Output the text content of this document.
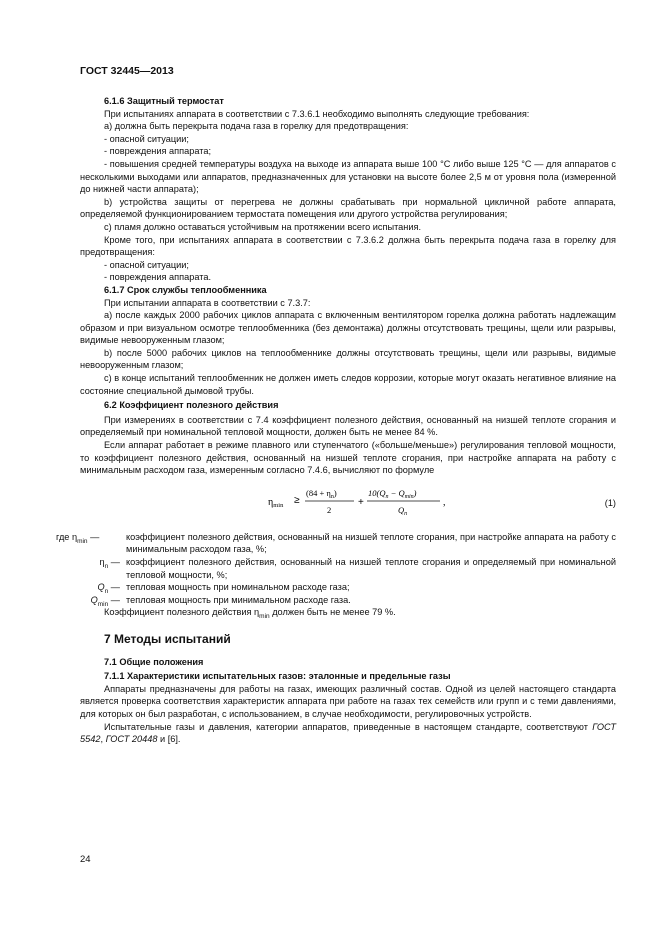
ГОСТ 32445—2013

6.1.6 Защитный термостат

При испытаниях аппарата в соответствии с 7.3.6.1 необходимо выполнять следующие требования:

а) должна быть перекрыта подача газа в горелку для предотвращения:

- опасной ситуации;

- повреждения аппарата;

- повышения средней температуры воздуха на выходе из аппарата выше 100 °С либо выше 125 °С — для аппаратов с несколькими выходами или аппаратов, предназначенных для установки на высоте более 2,5 м от уровня пола (измеренной до нижней части аппарата);

b) устройства защиты от перегрева не должны срабатывать при нормальной цикличной работе аппарата, определяемой функционированием термостата помещения или другого устройства регулирования;

с) пламя должно оставаться устойчивым на протяжении всего испытания.

Кроме того, при испытаниях аппарата в соответствии с 7.3.6.2 должна быть перекрыта подача газа в горелку для предотвращения:

- опасной ситуации;

- повреждения аппарата.

6.1.7 Срок службы теплообменника

При испытании аппарата в соответствии с 7.3.7:

а) после каждых 2000 рабочих циклов аппарата с включенным вентилятором горелка должна работать надлежащим образом и при визуальном осмотре теплообменника (без демонтажа) должны отсутствовать трещины, щели или разрывы, видимые невооруженным глазом;

b) после 5000 рабочих циклов на теплообменнике должны отсутствовать трещины, щели или разрывы, видимые невооруженным глазом;

с) в конце испытаний теплообменник не должен иметь следов коррозии, которые могут оказать негативное влияние на состояние специальной дымовой трубы.

6.2 Коэффициент полезного действия

При измерениях в соответствии с 7.4 коэффициент полезного действия, основанный на низшей теплоте сгорания и определяемый при номинальной тепловой мощности, должен быть не менее 84 %.

Если аппарат работает в режиме плавного или ступенчатого («больше/меньше») регулирования тепловой мощности, то коэффициент полезного действия, основанный на низшей теплоте сгорания, при настройке аппарата на работу с минимальным расходом газа, измеренным согласно 7.4.6, вычисляют по формуле

$\eta_{min}$ ≥
$(84 + \eta_n)$
2
+
$10(Q_n - Q_{min})$
$Q_n$
,	(1)
где $\eta_{min}$ —	коэффициент полезного действия, основанный на низшей теплоте сгорания, при настройке аппарата на работу с минимальным расходом газа, %;
$\eta_n$ — коэффициент полезного действия, основанный на низшей теплоте сгорания и определяемый при номинальной тепловой мощности, %;
$Q_n$ — тепловая мощность при номинальном расходе газа;
$Q_{min}$ — тепловая мощность при минимальном расходе газа.

Коэффициент полезного действия $\eta_{min}$ должен быть не менее 79 %.

7 Методы испытаний

7.1 Общие положения

7.1.1 Характеристики испытательных газов: эталонные и предельные газы

Аппараты предназначены для работы на газах, имеющих различный состав. Одной из целей настоящего стандарта является проверка соответствия характеристик аппарата при работе на газах тех семейств или групп и с теми давлениями, для которых он был разработан, с использованием, в случае необходимости, регулировочных устройств.

Испытательные газы и давления, категории аппаратов, приведенные в настоящем стандарте, соответствуют ГОСТ 5542, ГОСТ 20448 и [6].

24
